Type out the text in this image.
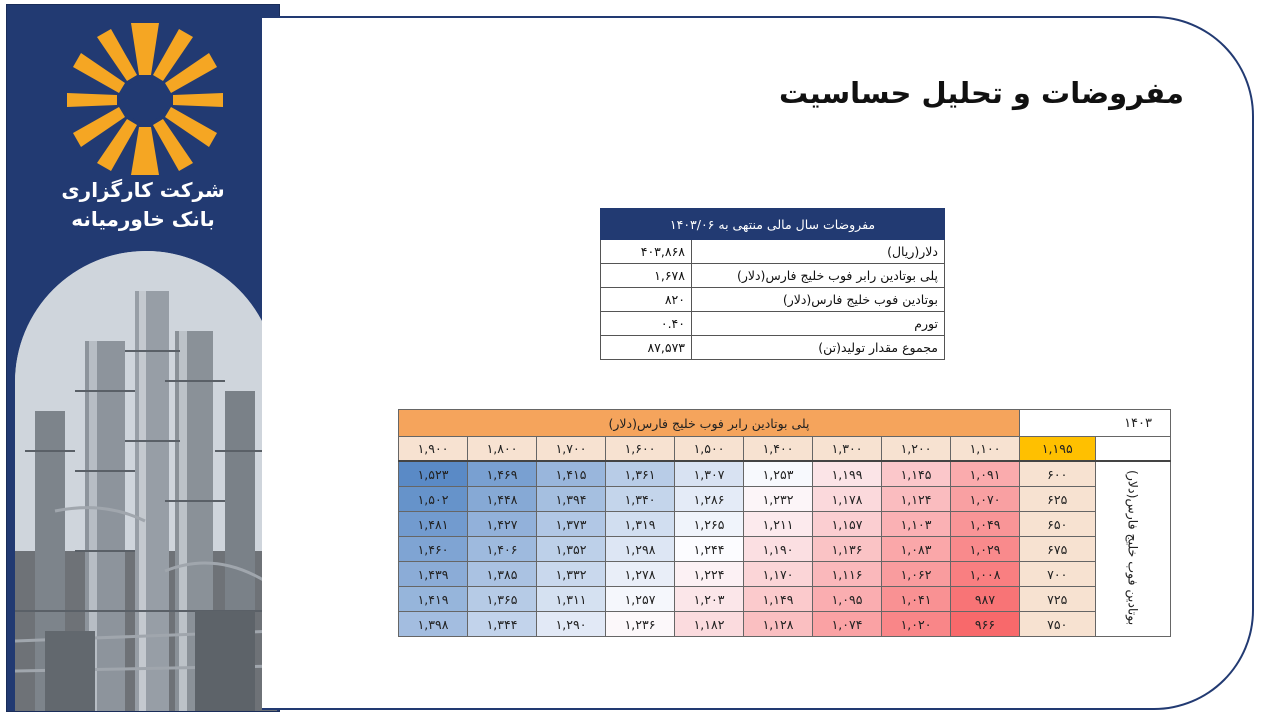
شرکت کارگزاری
بانک خاورمیانه
مفروضات و تحلیل حساسیت
مفروضات سال مالی منتهی به ۱۴۰۳/۰۶	
دلار(ریال)	۴۰۳,۸۶۸
پلی بوتادین رابر فوب خلیج فارس(دلار)	۱,۶۷۸
بوتادین فوب خلیج فارس(دلار)	۸۲۰
تورم	۰.۴۰
مجموع مقدار تولید(تن)	۸۷,۵۷۳
۱۴۰۳		پلی بوتادین رابر فوب خلیج فارس(دلار)								
	۱,۱۹۵	۱,۱۰۰	۱,۲۰۰	۱,۳۰۰	۱,۴۰۰	۱,۵۰۰	۱,۶۰۰	۱,۷۰۰	۱,۸۰۰	۱,۹۰۰
بوتادین فوب خلیج فارس(دلار)	۶۰۰	۱,۰۹۱	۱,۱۴۵	۱,۱۹۹	۱,۲۵۳	۱,۳۰۷	۱,۳۶۱	۱,۴۱۵	۱,۴۶۹	۱,۵۲۳
	۶۲۵	۱,۰۷۰	۱,۱۲۴	۱,۱۷۸	۱,۲۳۲	۱,۲۸۶	۱,۳۴۰	۱,۳۹۴	۱,۴۴۸	۱,۵۰۲
	۶۵۰	۱,۰۴۹	۱,۱۰۳	۱,۱۵۷	۱,۲۱۱	۱,۲۶۵	۱,۳۱۹	۱,۳۷۳	۱,۴۲۷	۱,۴۸۱
	۶۷۵	۱,۰۲۹	۱,۰۸۳	۱,۱۳۶	۱,۱۹۰	۱,۲۴۴	۱,۲۹۸	۱,۳۵۲	۱,۴۰۶	۱,۴۶۰
	۷۰۰	۱,۰۰۸	۱,۰۶۲	۱,۱۱۶	۱,۱۷۰	۱,۲۲۴	۱,۲۷۸	۱,۳۳۲	۱,۳۸۵	۱,۴۳۹
	۷۲۵	۹۸۷	۱,۰۴۱	۱,۰۹۵	۱,۱۴۹	۱,۲۰۳	۱,۲۵۷	۱,۳۱۱	۱,۳۶۵	۱,۴۱۹
	۷۵۰	۹۶۶	۱,۰۲۰	۱,۰۷۴	۱,۱۲۸	۱,۱۸۲	۱,۲۳۶	۱,۲۹۰	۱,۳۴۴	۱,۳۹۸
